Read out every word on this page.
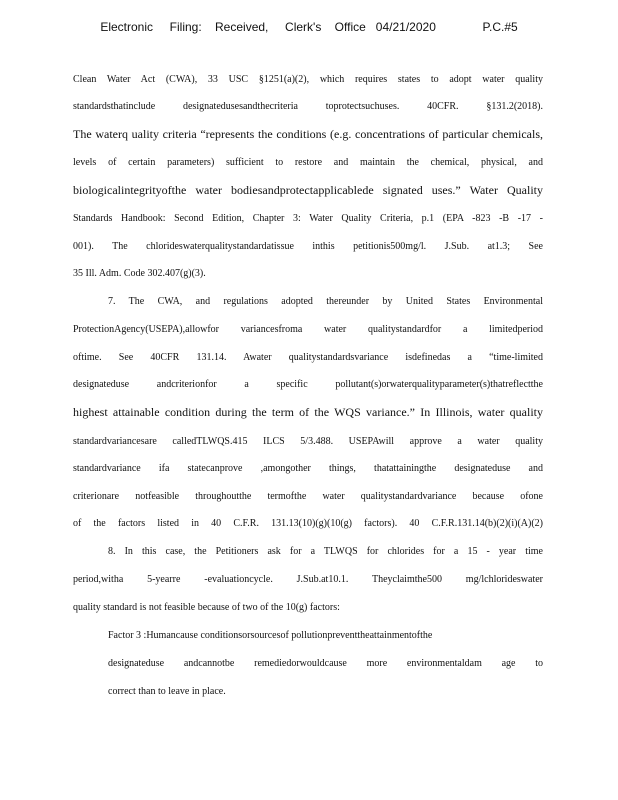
Electronic     Filing:    Received,     Clerk's    Office   04/21/2020              P.C.#5
Clean Water Act (CWA), 33 USC §1251(a)(2), which requires states to adopt water quality
standardsthatinclude designatedusesandthecriteria toprotectsuchuses. 40CFR. §131.2(2018).
The waterq uality criteria “represents the conditions (e.g. concentrations of particular chemicals,
levels of certain parameters) sufficient to restore and maintain the chemical, physical, and
biologicalintegrityofthe water bodiesandprotectapplicablede signated uses.” Water Quality
Standards Handbook: Second Edition, Chapter 3: Water Quality Criteria, p.1 (EPA -823 -B -17 -
001). The chlorideswaterqualitystandardatissue inthis petitionis500mg/l. J.Sub. at1.3; See
35 Ill. Adm. Code 302.407(g)(3).
7. The CWA, and regulations adopted thereunder by United States Environmental
ProtectionAgency(USEPA),allowfor variancesfroma water qualitystandardfor a limitedperiod
oftime. See 40CFR 131.14. Awater qualitystandardsvariance isdefinedas a “time-limited
designateduse andcriterionfor a specific pollutant(s)orwaterqualityparameter(s)thatreflectthe
highest attainable condition during the term of the WQS variance.” In Illinois, water quality
standardvariancesare calledTLWQS.415 ILCS 5/3.488. USEPAwill approve a water quality
standardvariance ifa statecanprove ,amongother things, thatattainingthe designateduse and
criterionare notfeasible throughoutthe termofthe water qualitystandardvariance because ofone
of the factors listed in 40 C.F.R. 131.13(10)(g)(10(g) factors). 40 C.F.R.131.14(b)(2)(i)(A)(2)
8. In this case, the Petitioners ask for a TLWQS for chlorides for a 15 - year time
period,witha 5-yearre -evaluationcycle. J.Sub.at10.1. Theyclaimthe500 mg/lchlorideswater
quality standard is not feasible because of two of the 10(g) factors:
Factor 3 :Humancause conditionsorsourcesof pollutionpreventtheattainmentofthe
designateduse andcannotbe remediedorwouldcause more environmentaldam age to
correct than to leave in place.
